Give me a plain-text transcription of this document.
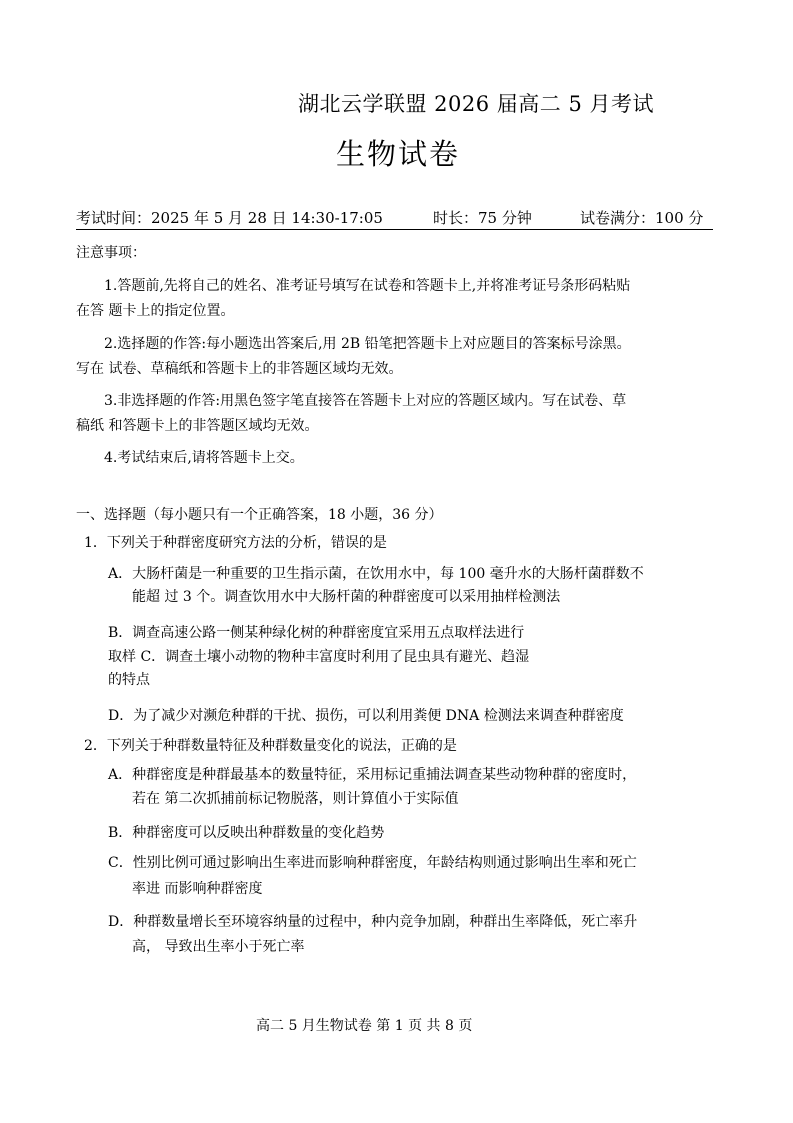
湖北云学联盟 2026 届高二 5 月考试
生物试卷
考试时间：2025 年 5 月 28 日 14:30-17:05	时长：75 分钟	试卷满分：100 分
注意事项：
1.答题前,先将自己的姓名、准考证号填写在试卷和答题卡上,并将准考证号条形码粘贴
在答 题卡上的指定位置。
2.选择题的作答:每小题选出答案后,用 2B 铅笔把答题卡上对应题目的答案标号涂黑。
写在 试卷、草稿纸和答题卡上的非答题区域均无效。
3.非选择题的作答:用黑色签字笔直接答在答题卡上对应的答题区域内。写在试卷、草
稿纸 和答题卡上的非答题区域均无效。
4.考试结束后,请将答题卡上交。
一、选择题（每小题只有一个正确答案，18 小题，36 分）
1．下列关于种群密度研究方法的分析，错误的是
A．大肠杆菌是一种重要的卫生指示菌，在饮用水中，每 100 毫升水的大肠杆菌群数不
能超 过 3 个。调查饮用水中大肠杆菌的种群密度可以采用抽样检测法
B．调查高速公路一侧某种绿化树的种群密度宜采用五点取样法进行
取样 C．调查土壤小动物的物种丰富度时利用了昆虫具有避光、趋湿
的特点
D．为了减少对濒危种群的干扰、损伤，可以利用粪便 DNA 检测法来调查种群密度
2．下列关于种群数量特征及种群数量变化的说法，正确的是
A．种群密度是种群最基本的数量特征，采用标记重捕法调查某些动物种群的密度时，
若在 第二次抓捕前标记物脱落，则计算值小于实际值
B．种群密度可以反映出种群数量的变化趋势
C．性别比例可通过影响出生率进而影响种群密度，年龄结构则通过影响出生率和死亡
率进 而影响种群密度
D．种群数量增长至环境容纳量的过程中，种内竞争加剧，种群出生率降低，死亡率升
高， 导致出生率小于死亡率
高二 5 月生物试卷 第 1 页 共 8 页
